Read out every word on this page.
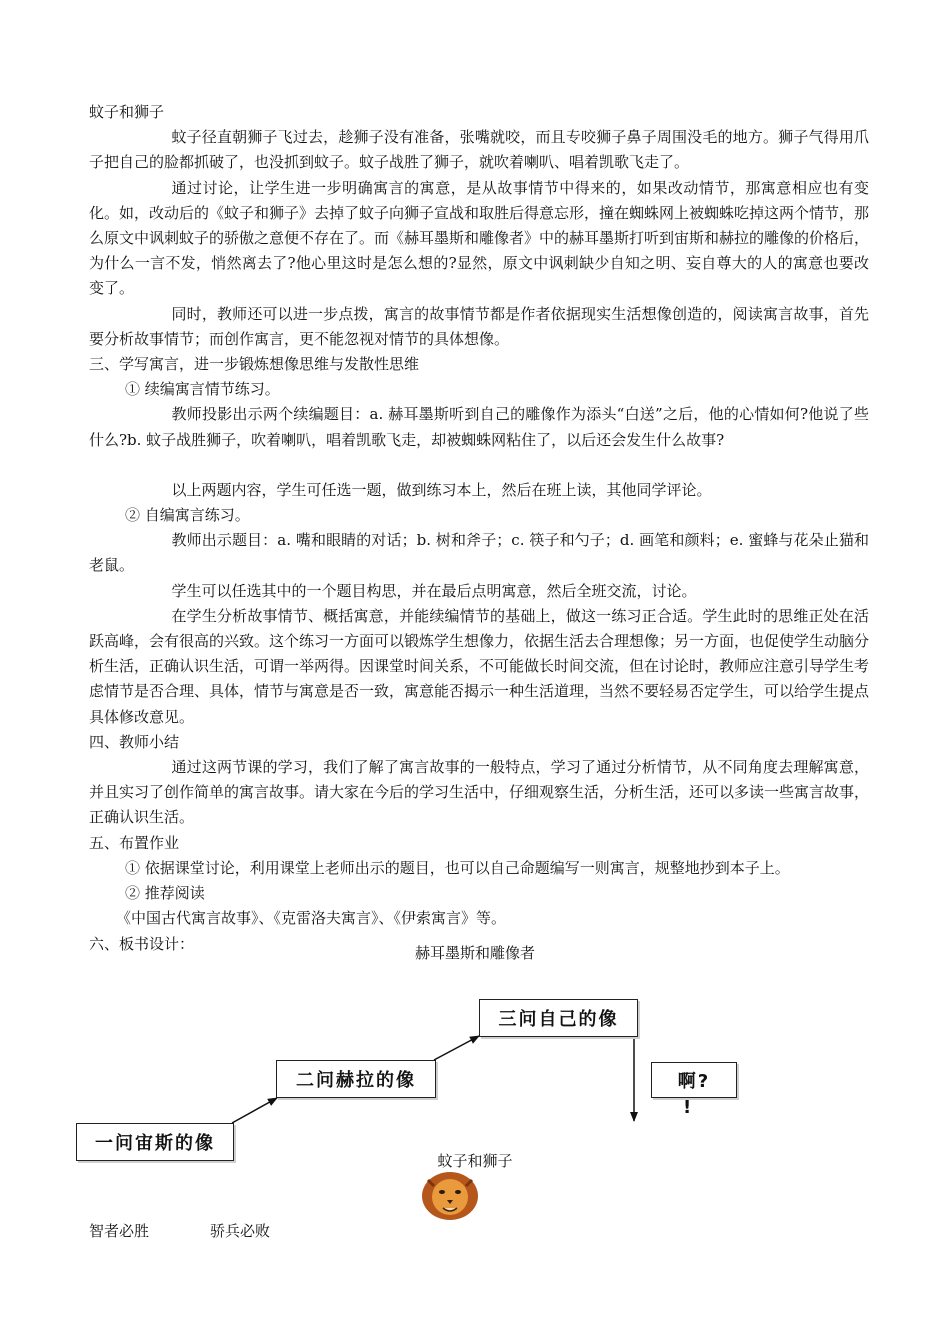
蚊子和狮子

蚊子径直朝狮子飞过去，趁狮子没有准备，张嘴就咬，而且专咬狮子鼻子周围没毛的地方。狮子气得用爪子把自己的脸都抓破了，也没抓到蚊子。蚊子战胜了狮子，就吹着喇叭、唱着凯歌飞走了。

通过讨论，让学生进一步明确寓言的寓意，是从故事情节中得来的，如果改动情节，那寓意相应也有变化。如，改动后的《蚊子和狮子》去掉了蚊子向狮子宣战和取胜后得意忘形，撞在蜘蛛网上被蜘蛛吃掉这两个情节，那么原文中讽刺蚊子的骄傲之意便不存在了。而《赫耳墨斯和雕像者》中的赫耳墨斯打听到宙斯和赫拉的雕像的价格后，为什么一言不发，悄然离去了?他心里这时是怎么想的?显然，原文中讽刺缺少自知之明、妄自尊大的人的寓意也要改变了。

同时，教师还可以进一步点拨，寓言的故事情节都是作者依据现实生活想像创造的，阅读寓言故事，首先要分析故事情节；而创作寓言，更不能忽视对情节的具体想像。

三、学写寓言，进一步锻炼想像思维与发散性思维

① 续编寓言情节练习。

教师投影出示两个续编题目：a. 赫耳墨斯听到自己的雕像作为添头“白送”之后，他的心情如何?他说了些什么?b. 蚊子战胜狮子，吹着喇叭，唱着凯歌飞走，却被蜘蛛网粘住了，以后还会发生什么故事?

以上两题内容，学生可任选一题，做到练习本上，然后在班上读，其他同学评论。

② 自编寓言练习。

教师出示题目：a. 嘴和眼睛的对话；b. 树和斧子；c. 筷子和勺子；d. 画笔和颜料；e. 蜜蜂与花朵止猫和老鼠。

学生可以任选其中的一个题目构思，并在最后点明寓意，然后全班交流，讨论。

在学生分析故事情节、概括寓意，并能续编情节的基础上，做这一练习正合适。学生此时的思维正处在活跃高峰，会有很高的兴致。这个练习一方面可以锻炼学生想像力，依据生活去合理想像；另一方面，也促使学生动脑分析生活，正确认识生活，可谓一举两得。因课堂时间关系，不可能做长时间交流，但在讨论时，教师应注意引导学生考虑情节是否合理、具体，情节与寓意是否一致，寓意能否揭示一种生活道理，当然不要轻易否定学生，可以给学生提点具体修改意见。

四、教师小结

通过这两节课的学习，我们了解了寓言故事的一般特点，学习了通过分析情节，从不同角度去理解寓意，并且实习了创作简单的寓言故事。请大家在今后的学习生活中，仔细观察生活，分析生活，还可以多读一些寓言故事，正确认识生活。

五、布置作业

① 依据课堂讨论，利用课堂上老师出示的题目，也可以自己命题编写一则寓言，规整地抄到本子上。

② 推荐阅读

《中国古代寓言故事》、《克雷洛夫寓言》、《伊索寓言》等。

六、板书设计：

赫耳墨斯和雕像者
一问宙斯的像
二问赫拉的像
三问自己的像
啊?
!
蚊子和狮子
智者必胜	骄兵必败
